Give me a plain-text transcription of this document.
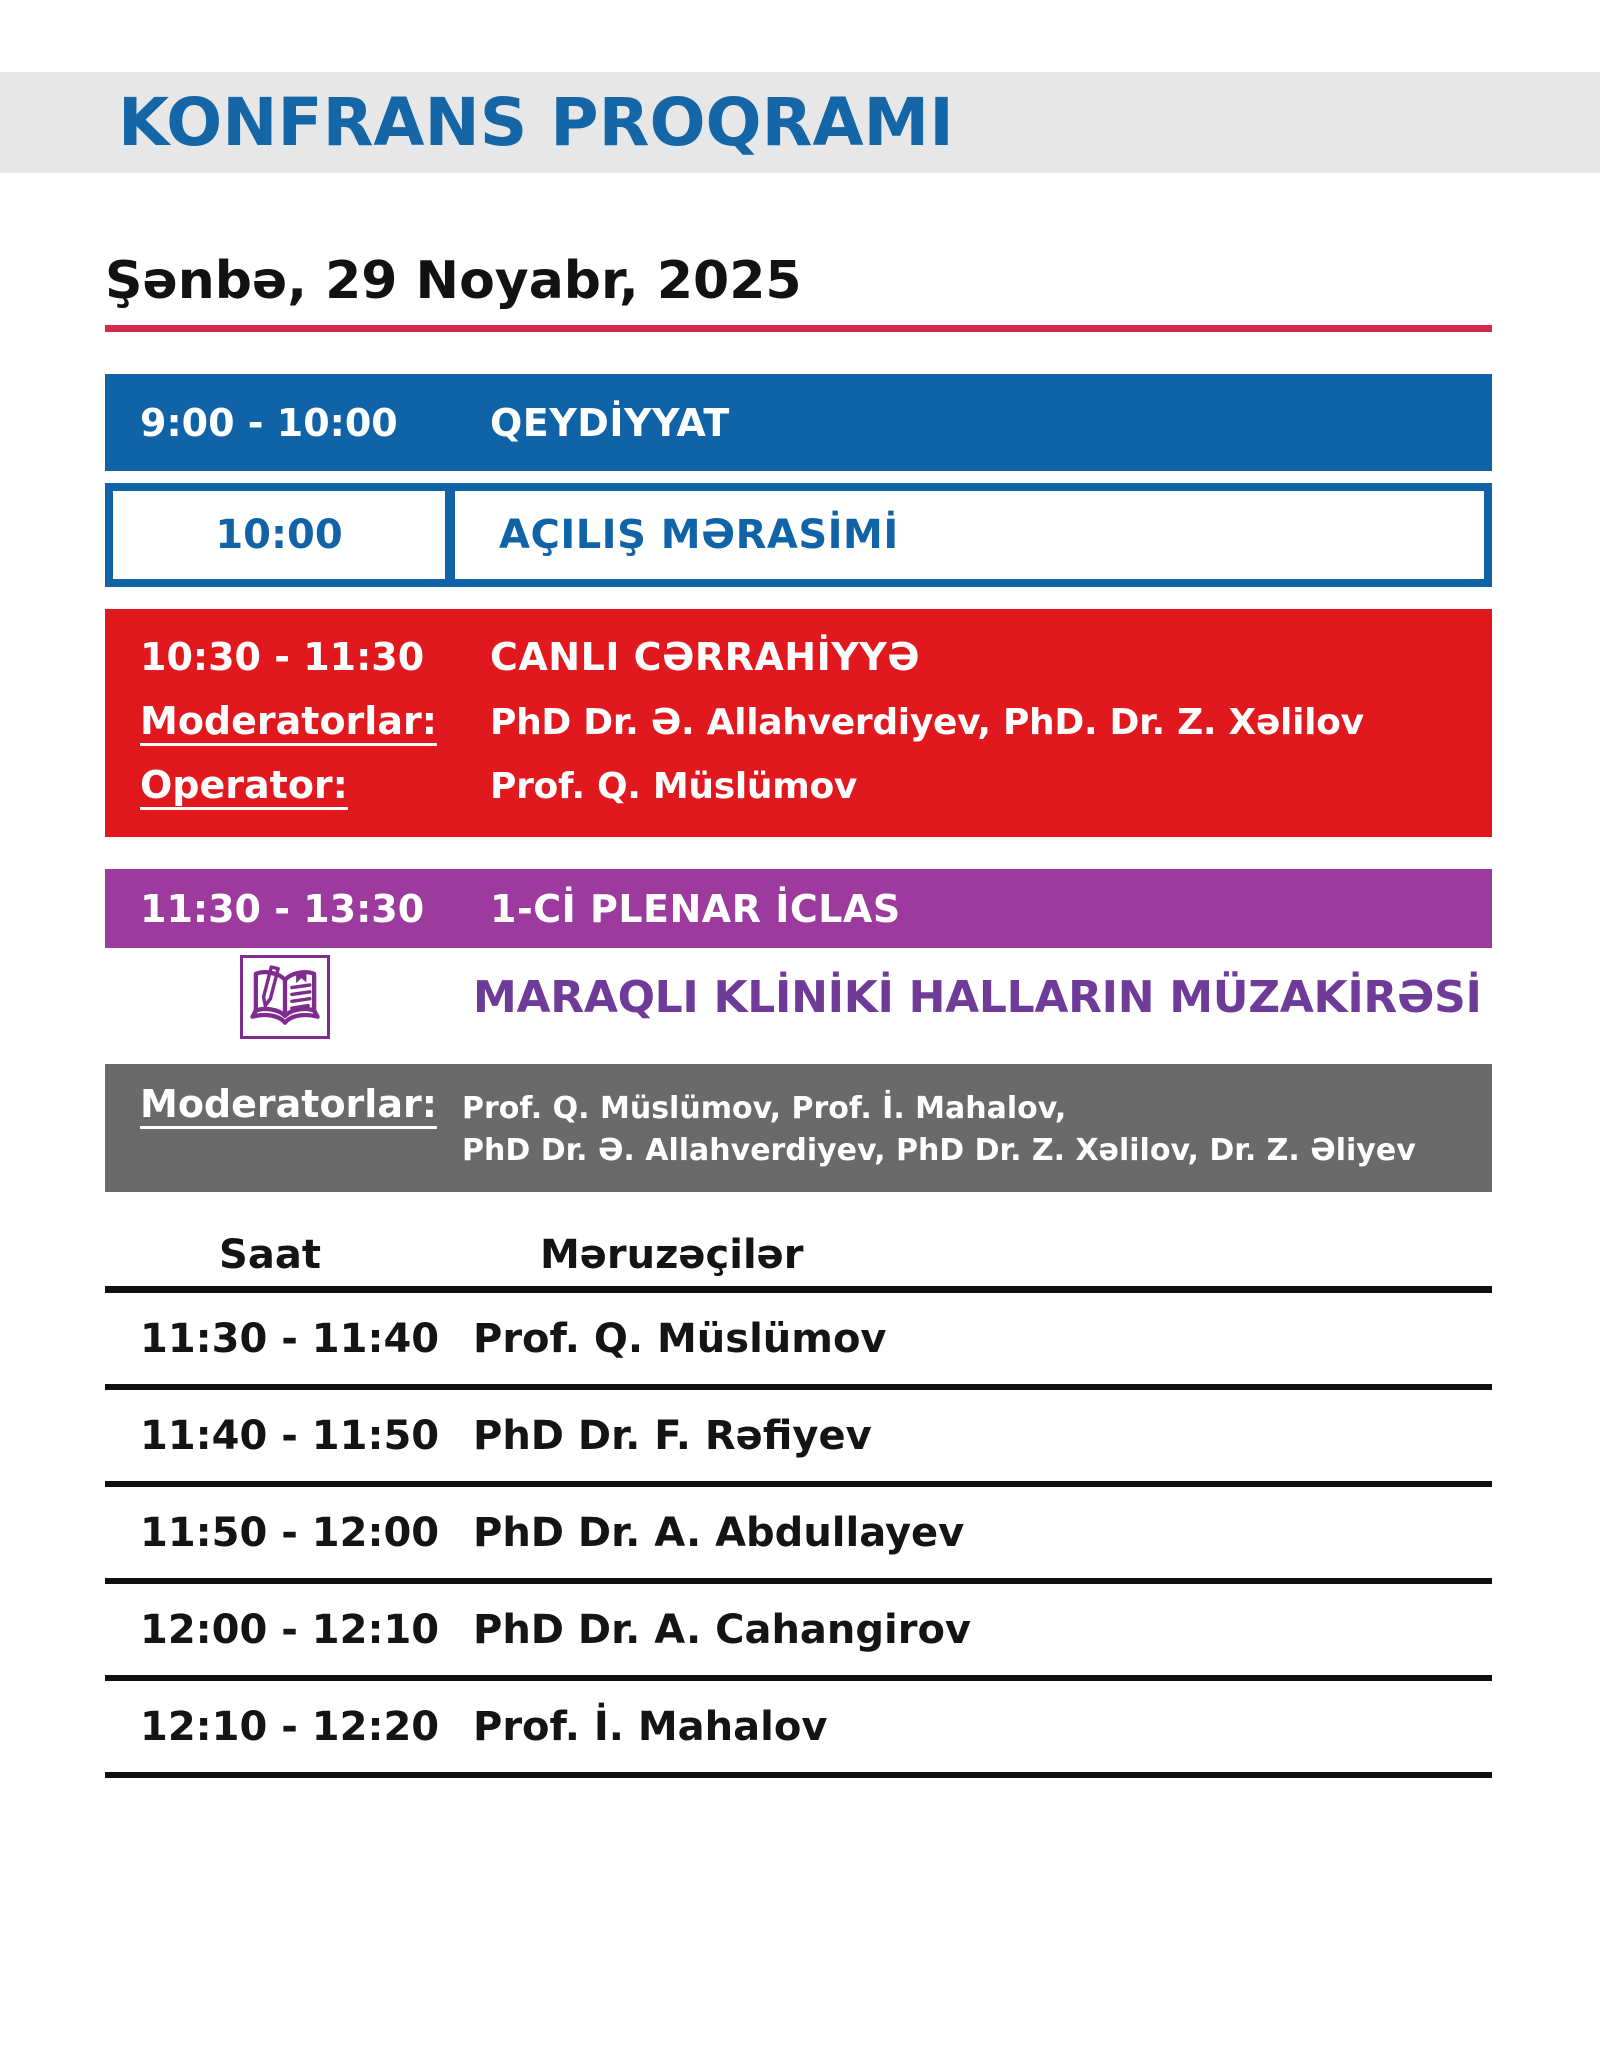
KONFRANS PROQRAMI
Şənbə, 29 Noyabr, 2025
9:00 - 10:00	QEYDİYYAT
10:00	AÇILIŞ MƏRASİMİ
10:30 - 11:30	CANLI CƏRRAHİYYƏ
Moderatorlar:	PhD Dr. Ə. Allahverdiyev, PhD. Dr. Z. Xəlilov
Operator:	Prof. Q. Müslümov
11:30 - 13:30	1-Cİ PLENAR İCLAS
MARAQLI KLİNİKİ HALLARIN MÜZAKİRƏSİ
Moderatorlar: Prof. Q. Müslümov, Prof. İ. Mahalov,
PhD Dr. Ə. Allahverdiyev, PhD Dr. Z. Xəlilov, Dr. Z. Əliyev
Saat	Məruzəçilər
11:30 - 11:40 Prof. Q. Müslümov
11:40 - 11:50 PhD Dr. F. Rəfiyev
11:50 - 12:00 PhD Dr. A. Abdullayev
12:00 - 12:10 PhD Dr. A. Cahangirov
12:10 - 12:20 Prof. İ. Mahalov
